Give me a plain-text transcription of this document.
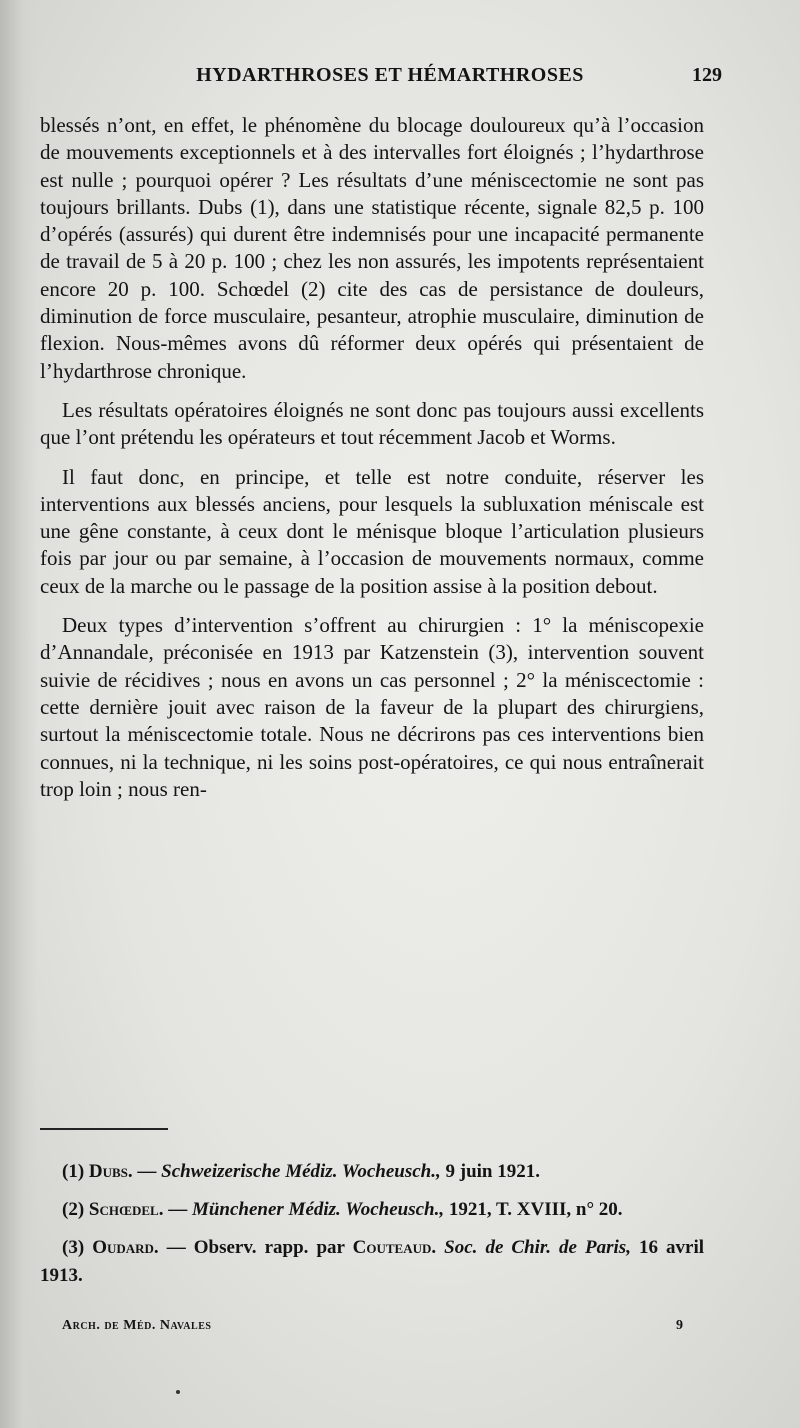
HYDARTHROSES ET HÉMARTHROSES	129

blessés n’ont, en effet, le phénomène du blocage douloureux qu’à l’occasion de mouvements exceptionnels et à des intervalles fort éloignés ; l’hydarthrose est nulle ; pourquoi opérer ? Les résultats d’une méniscectomie ne sont pas toujours brillants. Dubs (1), dans une statistique récente, signale 82,5 p. 100 d’opérés (assurés) qui durent être indemnisés pour une incapacité permanente de travail de 5 à 20 p. 100 ; chez les non assurés, les impotents représentaient encore 20 p. 100. Schœdel (2) cite des cas de persistance de douleurs, diminution de force musculaire, pesanteur, atrophie musculaire, diminution de flexion. Nous-mêmes avons dû réformer deux opérés qui présentaient de l’hydarthrose chronique.

Les résultats opératoires éloignés ne sont donc pas toujours aussi excellents que l’ont prétendu les opérateurs et tout récemment Jacob et Worms.

Il faut donc, en principe, et telle est notre conduite, réserver les interventions aux blessés anciens, pour lesquels la subluxation méniscale est une gêne constante, à ceux dont le ménisque bloque l’articulation plusieurs fois par jour ou par semaine, à l’occasion de mouvements normaux, comme ceux de la marche ou le passage de la position assise à la position debout.

Deux types d’intervention s’offrent au chirurgien : 1° la méniscopexie d’Annandale, préconisée en 1913 par Katzenstein (3), intervention souvent suivie de récidives ; nous en avons un cas personnel ; 2° la méniscectomie : cette dernière jouit avec raison de la faveur de la plupart des chirurgiens, surtout la méniscectomie totale. Nous ne décrirons pas ces interventions bien connues, ni la technique, ni les soins post-opératoires, ce qui nous entraînerait trop loin ; nous ren-

(1) Dubs. — Schweizerische Médiz. Wocheusch., 9 juin 1921.

(2) Schœdel. — Münchener Médiz. Wocheusch., 1921, T. XVIII, n° 20.

(3) Oudard. — Observ. rapp. par Couteaud. Soc. de Chir. de Paris, 16 avril 1913.

Arch. de Méd. Navales	9
